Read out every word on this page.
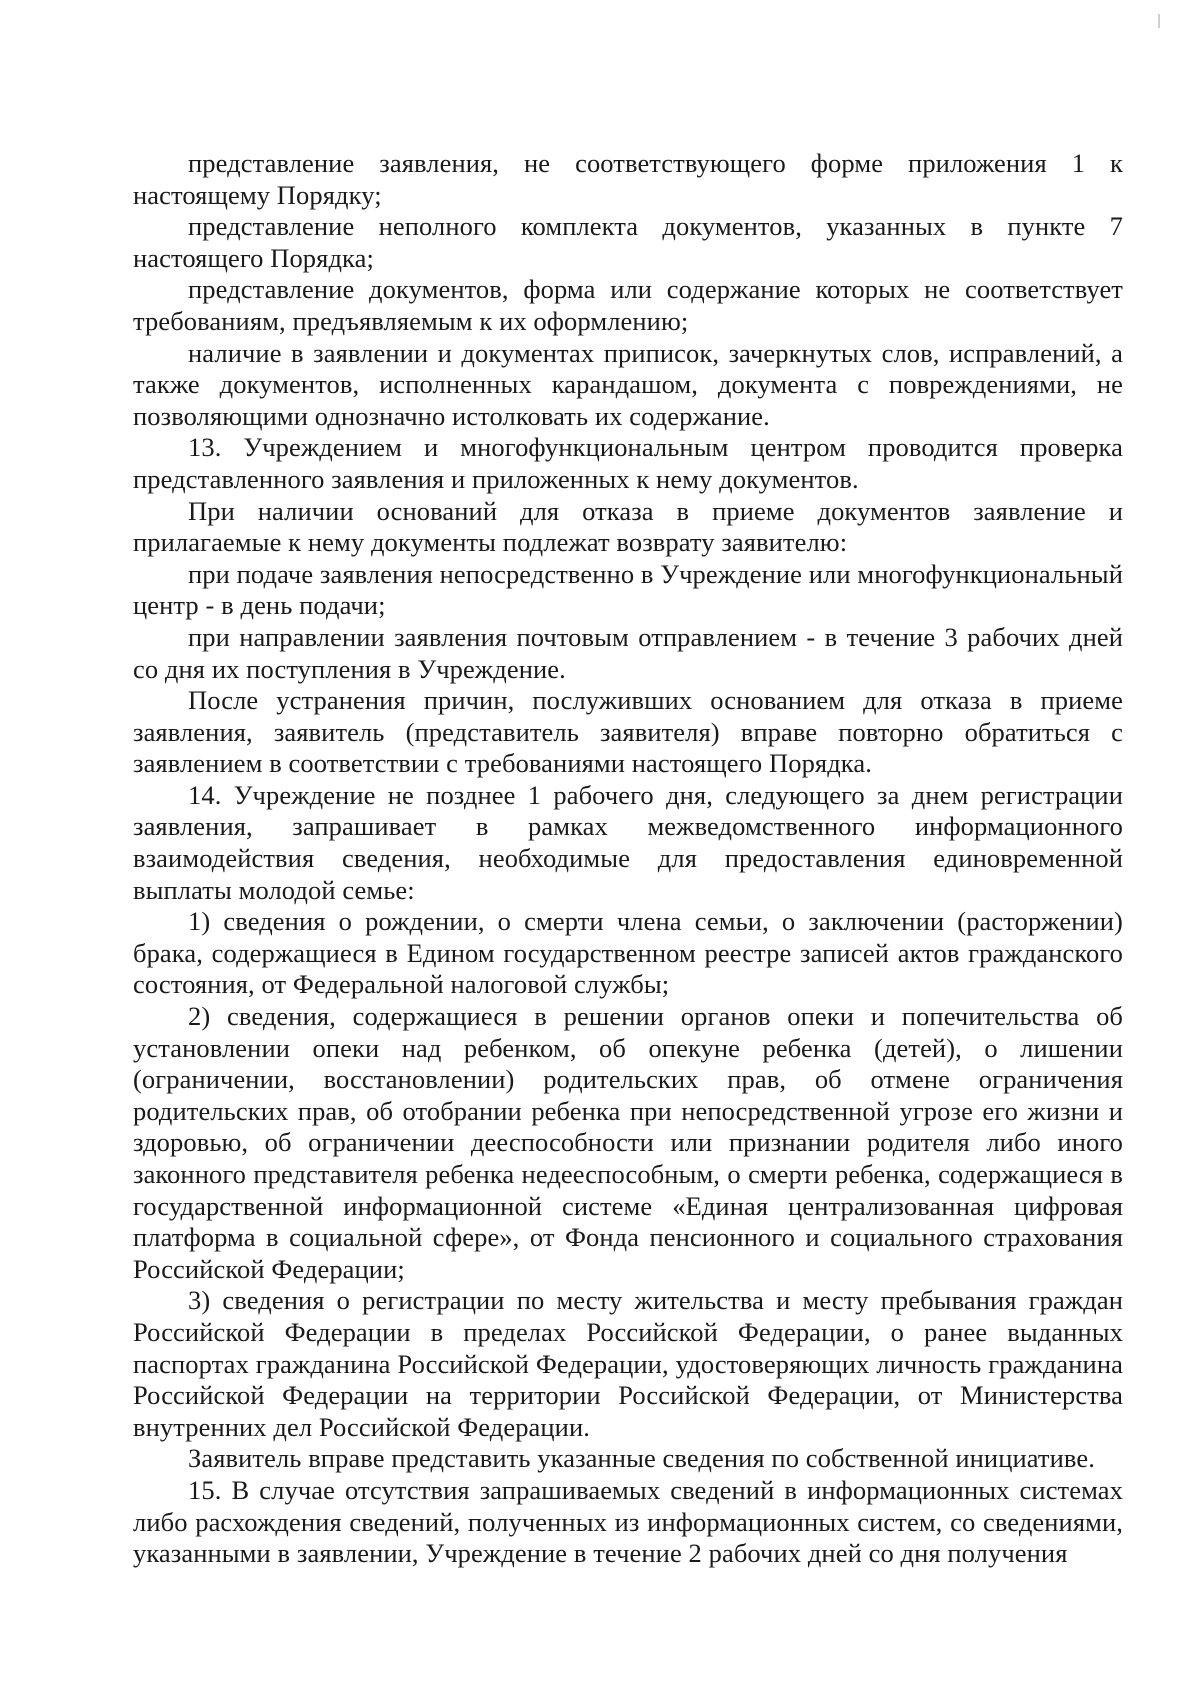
представление заявления, не соответствующего форме приложения 1 к настоящему Порядку;

представление неполного комплекта документов, указанных в пункте 7 настоящего Порядка;

представление документов, форма или содержание которых не соответствует требованиям, предъявляемым к их оформлению;

наличие в заявлении и документах приписок, зачеркнутых слов, исправлений, а также документов, исполненных карандашом, документа с повреждениями, не позволяющими однозначно истолковать их содержание.

13. Учреждением и многофункциональным центром проводится проверка представленного заявления и приложенных к нему документов.

При наличии оснований для отказа в приеме документов заявление и прилагаемые к нему документы подлежат возврату заявителю:

при подаче заявления непосредственно в Учреждение или многофункциональный центр - в день подачи;

при направлении заявления почтовым отправлением - в течение 3 рабочих дней со дня их поступления в Учреждение.

После устранения причин, послуживших основанием для отказа в приеме заявления, заявитель (представитель заявителя) вправе повторно обратиться с заявлением в соответствии с требованиями настоящего Порядка.

14. Учреждение не позднее 1 рабочего дня, следующего за днем регистрации заявления, запрашивает в рамках межведомственного информационного взаимодействия сведения, необходимые для предоставления единовременной выплаты молодой семье:

1) сведения о рождении, о смерти члена семьи, о заключении (расторжении) брака, содержащиеся в Едином государственном реестре записей актов гражданского состояния, от Федеральной налоговой службы;

2) сведения, содержащиеся в решении органов опеки и попечительства об установлении опеки над ребенком, об опекуне ребенка (детей), о лишении (ограничении, восстановлении) родительских прав, об отмене ограничения родительских прав, об отобрании ребенка при непосредственной угрозе его жизни и здоровью, об ограничении дееспособности или признании родителя либо иного законного представителя ребенка недееспособным, о смерти ребенка, содержащиеся в государственной информационной системе «Единая централизованная цифровая платформа в социальной сфере», от Фонда пенсионного и социального страхования Российской Федерации;

3) сведения о регистрации по месту жительства и месту пребывания граждан Российской Федерации в пределах Российской Федерации, о ранее выданных паспортах гражданина Российской Федерации, удостоверяющих личность гражданина Российской Федерации на территории Российской Федерации, от Министерства внутренних дел Российской Федерации.

Заявитель вправе представить указанные сведения по собственной инициативе.

15. В случае отсутствия запрашиваемых сведений в информационных системах либо расхождения сведений, полученных из информационных систем, со сведениями, указанными в заявлении, Учреждение в течение 2 рабочих дней со дня получения
